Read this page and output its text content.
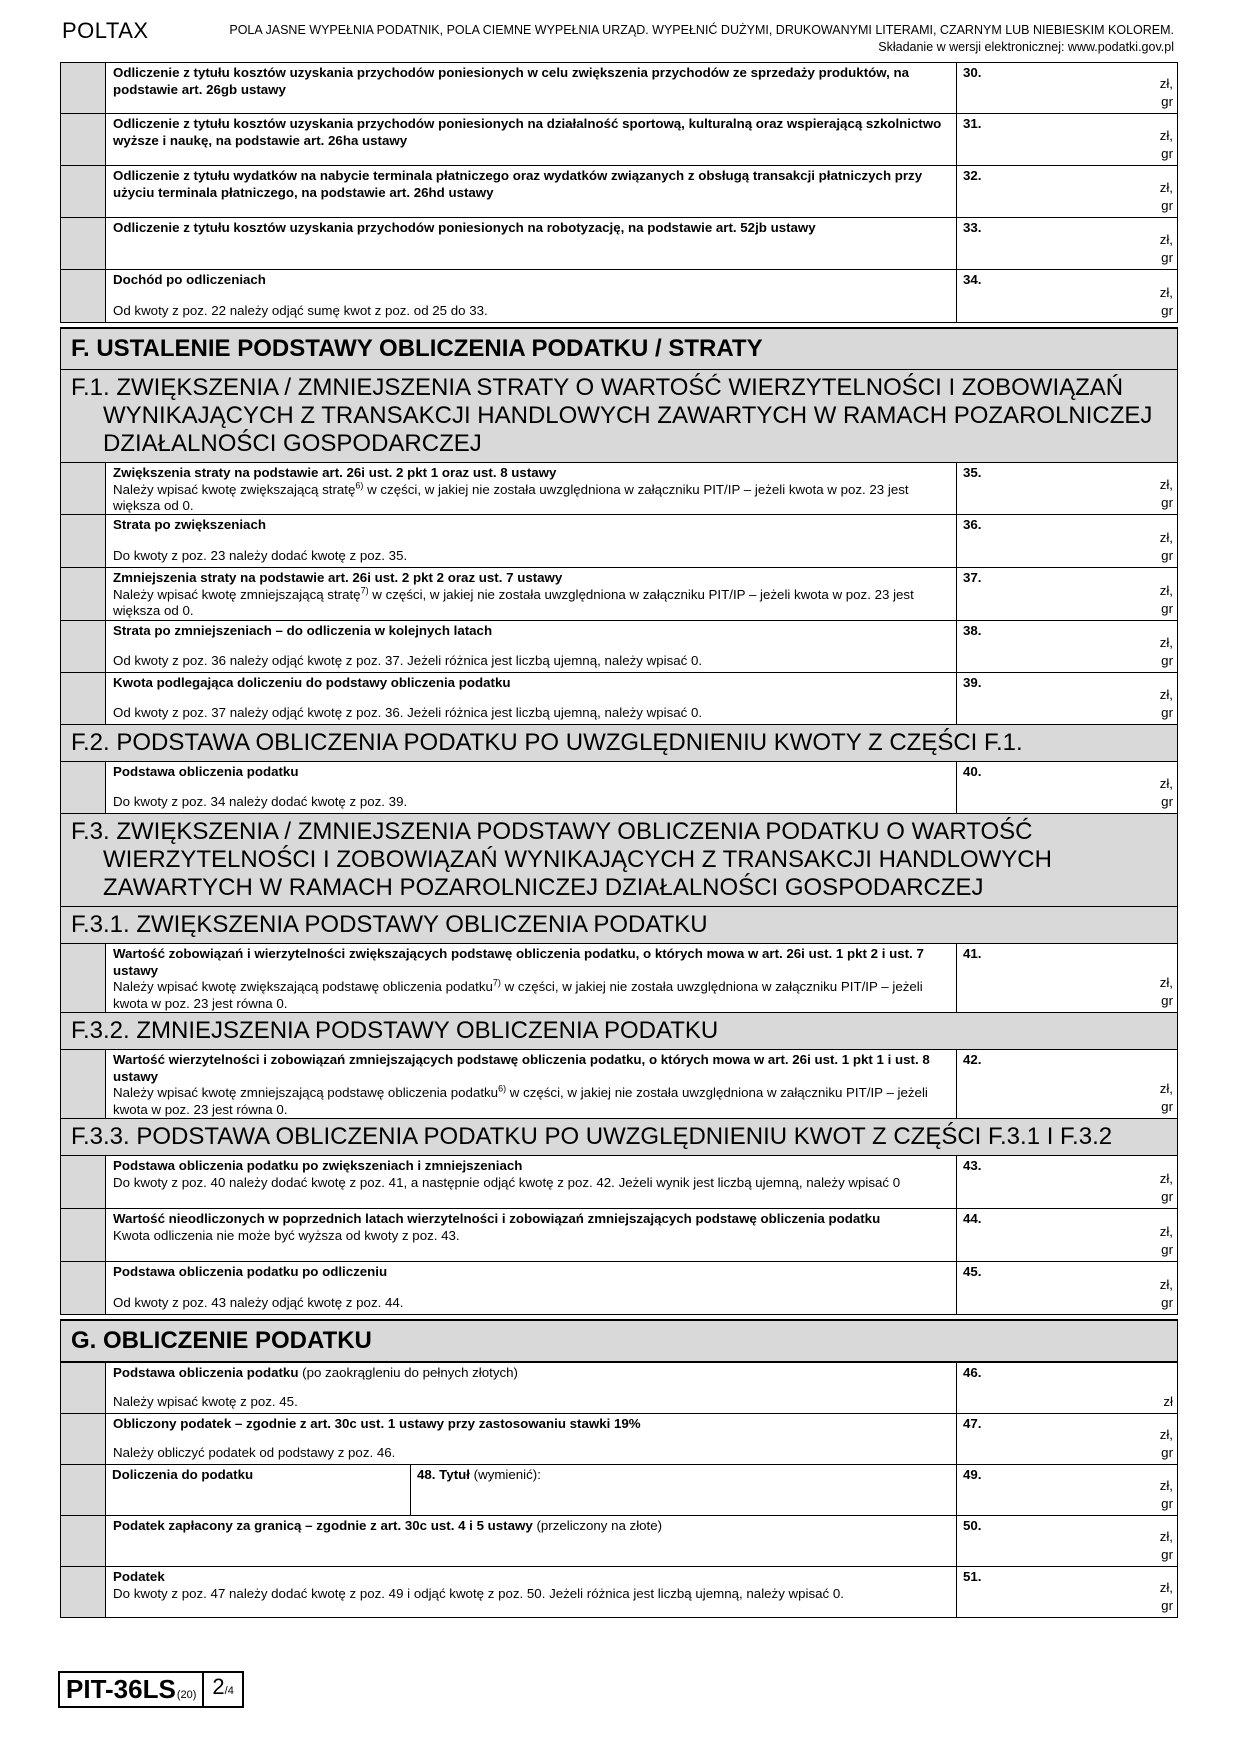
POLTAX	POLA JASNE WYPEŁNIA PODATNIK, POLA CIEMNE WYPEŁNIA URZĄD. WYPEŁNIĆ DUŻYMI, DRUKOWANYMI LITERAMI, CZARNYM LUB NIEBIESKIM KOLOREM.
Składanie w wersji elektronicznej: www.podatki.gov.pl
Odliczenie z tytułu kosztów uzyskania przychodów poniesionych w celu zwiększenia przychodów ze sprzedaży produktów, na podstawie art. 26gb ustawy
30.
zł,
gr
Odliczenie z tytułu kosztów uzyskania przychodów poniesionych na działalność sportową, kulturalną oraz wspierającą szkolnictwo wyższe i naukę, na podstawie art. 26ha ustawy
31.
zł,
gr
Odliczenie z tytułu wydatków na nabycie terminala płatniczego oraz wydatków związanych z obsługą transakcji płatniczych przy użyciu terminala płatniczego, na podstawie art. 26hd ustawy
32.
zł,
gr
Odliczenie z tytułu kosztów uzyskania przychodów poniesionych na robotyzację, na podstawie art. 52jb ustawy	33.
zł,
gr
Dochód po odliczeniach
Od kwoty z poz. 22 należy odjąć sumę kwot z poz. od 25 do 33.
34.
zł,
gr
F. USTALENIE PODSTAWY OBLICZENIA PODATKU / STRATY
F.1. ZWIĘKSZENIA / ZMNIEJSZENIA STRATY O WARTOŚĆ WIERZYTELNOŚCI I ZOBOWIĄZAŃ WYNIKAJĄCYCH Z TRANSAKCJI HANDLOWYCH ZAWARTYCH W RAMACH POZAROLNICZEJ DZIAŁALNOŚCI GOSPODARCZEJ
Zwiększenia straty na podstawie art. 26i ust. 2 pkt 1 oraz ust. 8 ustawy
Należy wpisać kwotę zwiększającą stratę$^{6)}$ w części, w jakiej nie została uwzględniona w załączniku PIT/IP – jeżeli kwota w poz. 23 jest większa od 0.
35.
zł,
gr
Strata po zwiększeniach
Do kwoty z poz. 23 należy dodać kwotę z poz. 35.
36.
zł,
gr
Zmniejszenia straty na podstawie art. 26i ust. 2 pkt 2 oraz ust. 7 ustawy
Należy wpisać kwotę zmniejszającą stratę$^{7)}$ w części, w jakiej nie została uwzględniona w załączniku PIT/IP – jeżeli kwota w poz. 23 jest większa od 0.
37.
zł,
gr
Strata po zmniejszeniach – do odliczenia w kolejnych latach
Od kwoty z poz. 36 należy odjąć kwotę z poz. 37. Jeżeli różnica jest liczbą ujemną, należy wpisać 0.
38.
zł,
gr
Kwota podlegająca doliczeniu do podstawy obliczenia podatku
Od kwoty z poz. 37 należy odjąć kwotę z poz. 36. Jeżeli różnica jest liczbą ujemną, należy wpisać 0.
39.
zł,
gr
F.2. PODSTAWA OBLICZENIA PODATKU PO UWZGLĘDNIENIU KWOTY Z CZĘŚCI F.1.
Podstawa obliczenia podatku
Do kwoty z poz. 34 należy dodać kwotę z poz. 39.
40.
zł,
gr
F.3. ZWIĘKSZENIA / ZMNIEJSZENIA PODSTAWY OBLICZENIA PODATKU O WARTOŚĆ WIERZYTELNOŚCI I ZOBOWIĄZAŃ WYNIKAJĄCYCH Z TRANSAKCJI HANDLOWYCH ZAWARTYCH W RAMACH POZAROLNICZEJ DZIAŁALNOŚCI GOSPODARCZEJ
F.3.1. ZWIĘKSZENIA PODSTAWY OBLICZENIA PODATKU
Wartość zobowiązań i wierzytelności zwiększających podstawę obliczenia podatku, o których mowa w art. 26i ust. 1 pkt 2 i ust. 7 ustawy
Należy wpisać kwotę zwiększającą podstawę obliczenia podatku$^{7)}$ w części, w jakiej nie została uwzględniona w załączniku PIT/IP – jeżeli kwota w poz. 23 jest równa 0.
41.
zł,
gr
F.3.2. ZMNIEJSZENIA PODSTAWY OBLICZENIA PODATKU
Wartość wierzytelności i zobowiązań zmniejszających podstawę obliczenia podatku, o których mowa w art. 26i ust. 1 pkt 1 i ust. 8 ustawy
Należy wpisać kwotę zmniejszającą podstawę obliczenia podatku$^{6)}$ w części, w jakiej nie została uwzględniona w załączniku PIT/IP – jeżeli kwota w poz. 23 jest równa 0.
42.
zł,
gr
F.3.3. PODSTAWA OBLICZENIA PODATKU PO UWZGLĘDNIENIU KWOT Z CZĘŚCI F.3.1 I F.3.2
Podstawa obliczenia podatku po zwiększeniach i zmniejszeniach
Do kwoty z poz. 40 należy dodać kwotę z poz. 41, a następnie odjąć kwotę z poz. 42. Jeżeli wynik jest liczbą ujemną, należy wpisać 0
43.
zł,
gr
Wartość nieodliczonych w poprzednich latach wierzytelności i zobowiązań zmniejszających podstawę obliczenia podatku
Kwota odliczenia nie może być wyższa od kwoty z poz. 43.
44.
zł,
gr
Podstawa obliczenia podatku po odliczeniu
Od kwoty z poz. 43 należy odjąć kwotę z poz. 44.
45.
zł,
gr
G. OBLICZENIE PODATKU
Podstawa obliczenia podatku (po zaokrągleniu do pełnych złotych)
Należy wpisać kwotę z poz. 45.
46.
zł
Obliczony podatek – zgodnie z art. 30c ust. 1 ustawy przy zastosowaniu stawki 19%
Należy obliczyć podatek od podstawy z poz. 46.
47.
zł,
gr
Doliczenia do podatku	48. Tytuł (wymienić):	49.
zł,
gr
Podatek zapłacony za granicą – zgodnie z art. 30c ust. 4 i 5 ustawy (przeliczony na złote)	50.
zł,
gr
Podatek
Do kwoty z poz. 47 należy dodać kwotę z poz. 49 i odjąć kwotę z poz. 50. Jeżeli różnica jest liczbą ujemną, należy wpisać 0.
51.
zł,
gr
PIT-36LS (20) 2/4
